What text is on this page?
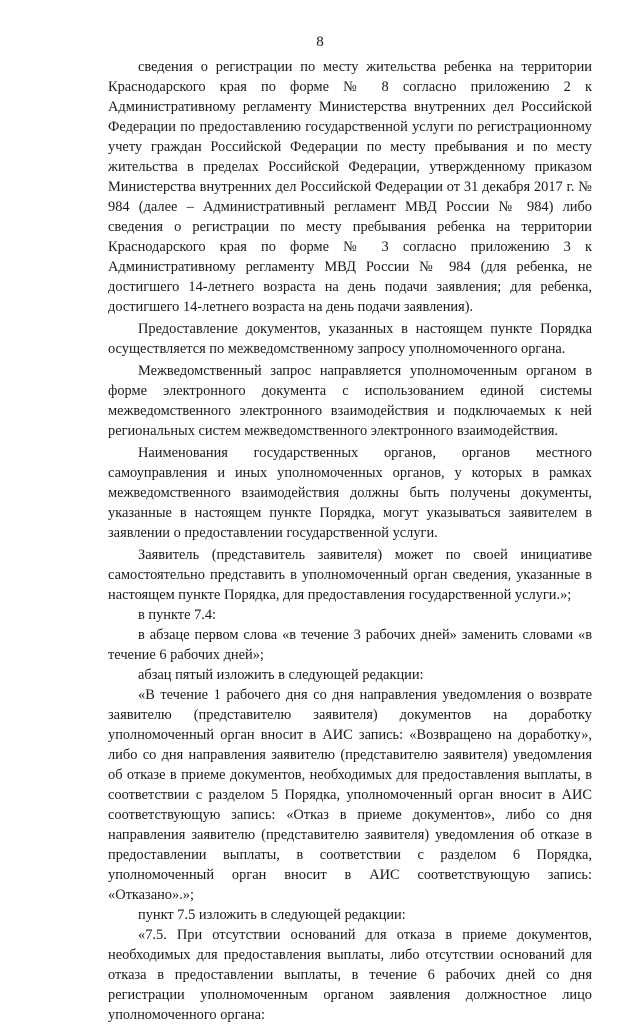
8

сведения о регистрации по месту жительства ребенка на территории Краснодарского края по форме № 8 согласно приложению 2 к Административному регламенту Министерства внутренних дел Российской Федерации по предоставлению государственной услуги по регистрационному учету граждан Российской Федерации по месту пребывания и по месту жительства в пределах Российской Федерации, утвержденному приказом Министерства внутренних дел Российской Федерации от 31 декабря 2017 г. № 984 (далее – Административный регламент МВД России № 984) либо сведения о регистрации по месту пребывания ребенка на территории Краснодарского края по форме № 3 согласно приложению 3 к Административному регламенту МВД России № 984 (для ребенка, не достигшего 14-летнего возраста на день подачи заявления; для ребенка, достигшего 14-летнего возраста на день подачи заявления).

Предоставление документов, указанных в настоящем пункте Порядка осуществляется по межведомственному запросу уполномоченного органа.

Межведомственный запрос направляется уполномоченным органом в форме электронного документа с использованием единой системы межведомственного электронного взаимодействия и подключаемых к ней региональных систем межведомственного электронного взаимодействия.

Наименования государственных органов, органов местного самоуправления и иных уполномоченных органов, у которых в рамках межведомственного взаимодействия должны быть получены документы, указанные в настоящем пункте Порядка, могут указываться заявителем в заявлении о предоставлении государственной услуги.

Заявитель (представитель заявителя) может по своей инициативе самостоятельно представить в уполномоченный орган сведения, указанные в настоящем пункте Порядка, для предоставления государственной услуги.»;

в пункте 7.4:

в абзаце первом слова «в течение 3 рабочих дней» заменить словами «в течение 6 рабочих дней»;

абзац пятый изложить в следующей редакции:

«В течение 1 рабочего дня со дня направления уведомления о возврате заявителю (представителю заявителя) документов на доработку уполномоченный орган вносит в АИС запись: «Возвращено на доработку», либо со дня направления заявителю (представителю заявителя) уведомления об отказе в приеме документов, необходимых для предоставления выплаты, в соответствии с разделом 5 Порядка, уполномоченный орган вносит в АИС соответствующую запись: «Отказ в приеме документов», либо со дня направления заявителю (представителю заявителя) уведомления об отказе в предоставлении выплаты, в соответствии с разделом 6 Порядка, уполномоченный орган вносит в АИС соответствующую запись: «Отказано».»;

пункт 7.5 изложить в следующей редакции:

«7.5. При отсутствии оснований для отказа в приеме документов, необходимых для предоставления выплаты, либо отсутствии оснований для отказа в предоставлении выплаты, в течение 6 рабочих дней со дня регистрации уполномоченным органом заявления должностное лицо уполномоченного органа:
